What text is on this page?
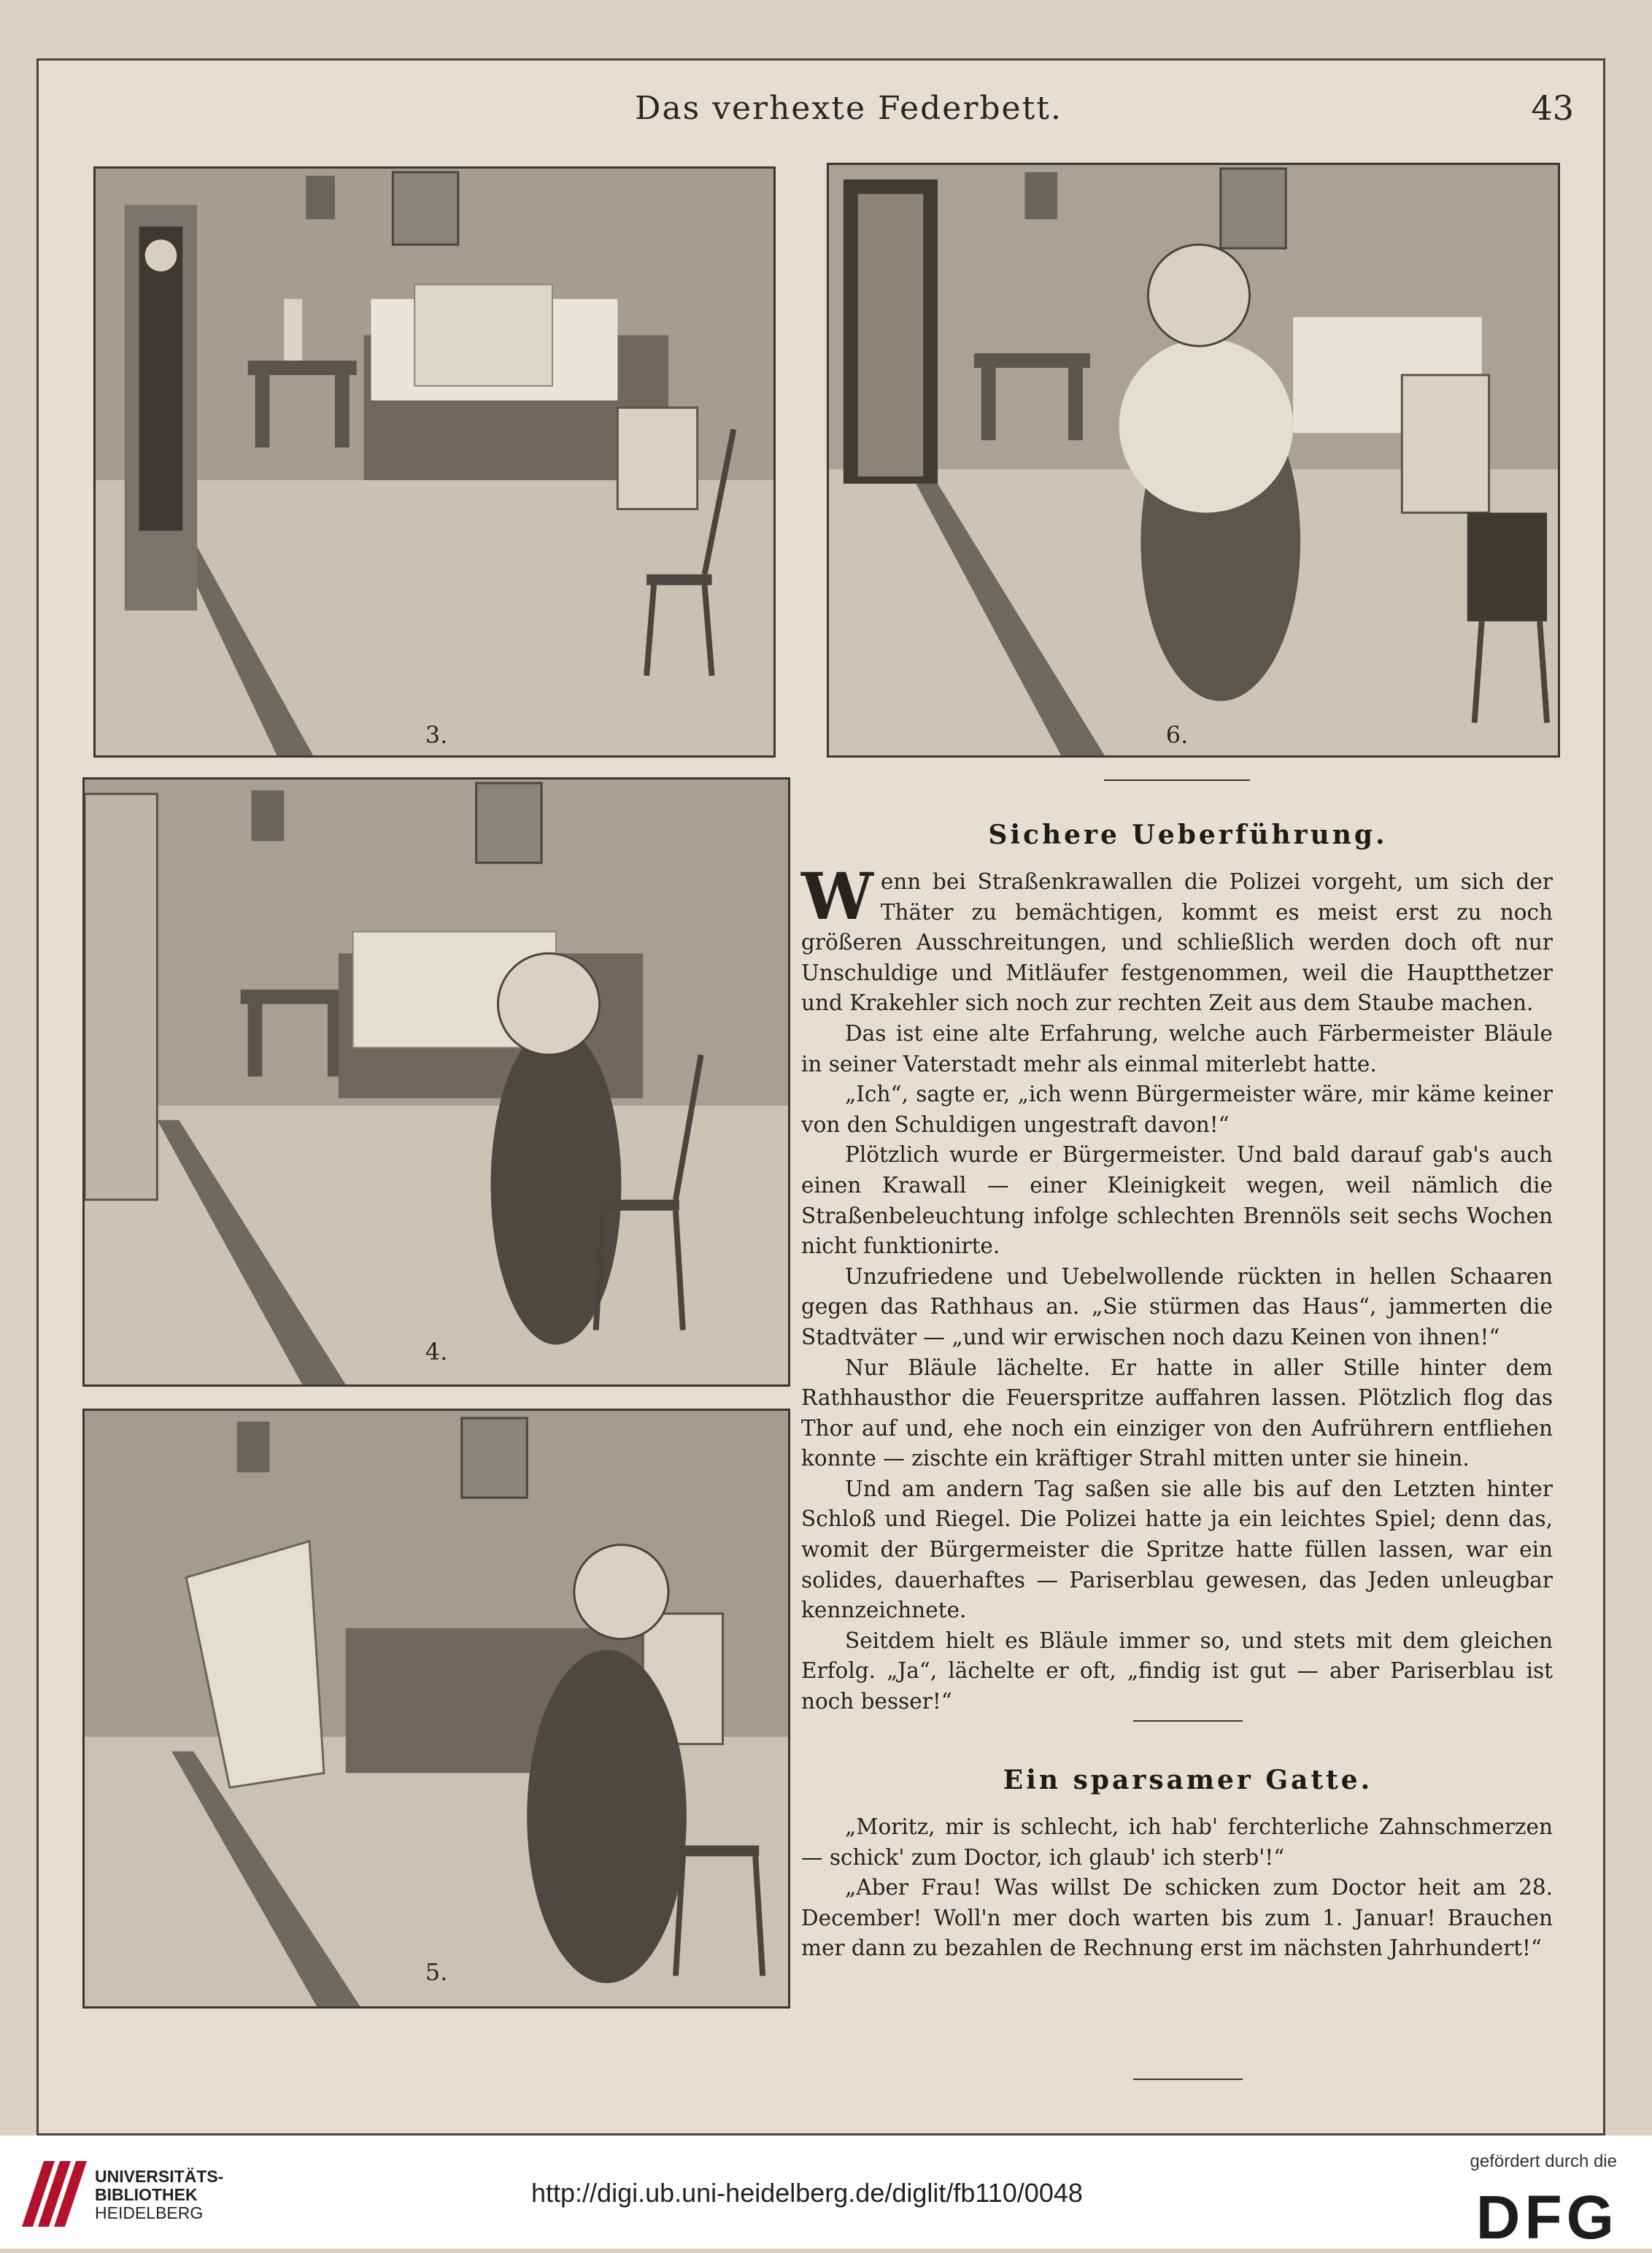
Das verhexte Federbett.	43
3.	6.
4.
5.
Sichere Ueberführung.

Wenn bei Straßenkrawallen die Polizei vorgeht, um sich der Thäter zu bemächtigen, kommt es meist erst zu noch größeren Ausschreitungen, und schließlich werden doch oft nur Unschuldige und Mitläufer festgenommen, weil die Hauptthetzer und Krakehler sich noch zur rechten Zeit aus dem Staube machen.

Das ist eine alte Erfahrung, welche auch Färbermeister Bläule in seiner Vaterstadt mehr als einmal miterlebt hatte.

„Ich“, sagte er, „ich wenn Bürgermeister wäre, mir käme keiner von den Schuldigen ungestraft davon!“

Plötzlich wurde er Bürgermeister. Und bald darauf gab's auch einen Krawall — einer Kleinigkeit wegen, weil nämlich die Straßenbeleuchtung infolge schlechten Brennöls seit sechs Wochen nicht funktionirte.

Unzufriedene und Uebelwollende rückten in hellen Schaaren gegen das Rathhaus an. „Sie stürmen das Haus“, jammerten die Stadtväter — „und wir erwischen noch dazu Keinen von ihnen!“

Nur Bläule lächelte. Er hatte in aller Stille hinter dem Rathhausthor die Feuerspritze auffahren lassen. Plötzlich flog das Thor auf und, ehe noch ein einziger von den Aufrührern entfliehen konnte — zischte ein kräftiger Strahl mitten unter sie hinein.

Und am andern Tag saßen sie alle bis auf den Letzten hinter Schloß und Riegel. Die Polizei hatte ja ein leichtes Spiel; denn das, womit der Bürgermeister die Spritze hatte füllen lassen, war ein solides, dauerhaftes — Pariserblau gewesen, das Jeden unleugbar kennzeichnete.

Seitdem hielt es Bläule immer so, und stets mit dem gleichen Erfolg. „Ja“, lächelte er oft, „findig ist gut — aber Pariserblau ist noch besser!“

Ein sparsamer Gatte.

„Moritz, mir is schlecht, ich hab' ferchterliche Zahnschmerzen — schick' zum Doctor, ich glaub' ich sterb'!“

„Aber Frau! Was willst De schicken zum Doctor heit am 28. December! Woll'n mer doch warten bis zum 1. Januar! Brauchen mer dann zu bezahlen de Rechnung erst im nächsten Jahrhundert!“

UNIVERSITÄTS-
BIBLIOTHEK
HEIDELBERG
http://digi.ub.uni-heidelberg.de/diglit/fb110/0048
gefördert durch die
DFG
